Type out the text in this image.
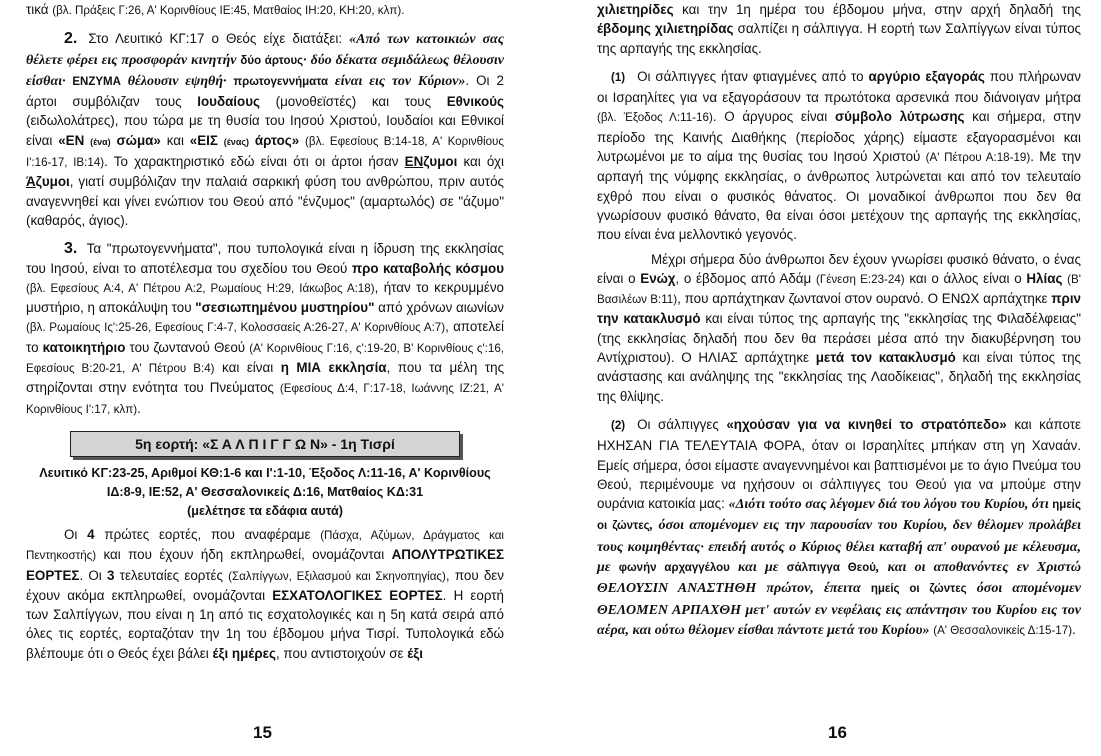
τικά (βλ. Πράξεις Γ:26, Α' Κορινθίους ΙΕ:45, Ματθαίος ΙΗ:20, ΚΗ:20, κλπ).

2. Στο Λευιτικό ΚΓ:17 ο Θεός είχε διατάξει: «Από των κατοικιών σας θέλετε φέρει εις προσφοράν κινητήν δύο άρτους· δύο δέκατα σεμιδάλεως θέλουσιν είσθαι· ΕΝΖΥΜΑ θέλουσιν εψηθή· πρωτογεννήματα είναι εις τον Κύριον». Οι 2 άρτοι συμβόλιζαν τους Ιουδαίους (μονοθεϊστές) και τους Εθνικούς (ειδωλολάτρες), που τώρα με τη θυσία του Ιησού Χριστού, Ιουδαίοι και Εθνικοί είναι «ΕΝ (ένα) σώμα» και «ΕΙΣ (ένας) άρτος» (βλ. Εφεσίους Β:14-18, Α' Κορινθίους Ι':16-17, ΙΒ:14). Το χαρακτηριστικό εδώ είναι ότι οι άρτοι ήσαν ΕΝζυμοι και όχι Άζυμοι, γιατί συμβόλιζαν την παλαιά σαρκική φύση του ανθρώπου, πριν αυτός αναγεννηθεί και γίνει ενώπιον του Θεού από "ένζυμος" (αμαρτωλός) σε "άζυμο" (καθαρός, άγιος).

3. Τα "πρωτογεννήματα", που τυπολογικά είναι η ίδρυση της εκκλησίας του Ιησού, είναι το αποτέλεσμα του σχεδίου του Θεού προ καταβολής κόσμου (βλ. Εφεσίους Α:4, Α' Πέτρου Α:2, Ρωμαίους Η:29, Ιάκωβος Α:18), ήταν το κεκρυμμένο μυστήριο, η αποκάλυψη του "σεσιωπημένου μυστηρίου" από χρόνων αιωνίων (βλ. Ρωμαίους Ις':25-26, Εφεσίους Γ:4-7, Κολοσσαείς Α:26-27, Α' Κορινθίους Α:7), αποτελεί το κατοικητήριο του ζωντανού Θεού (Α' Κορινθίους Γ:16, ς':19-20, Β' Κορινθίους ς':16, Εφεσίους Β:20-21, Α' Πέτρου Β:4) και είναι η ΜΙΑ εκκλησία, που τα μέλη της στηρίζονται στην ενότητα του Πνεύματος (Εφεσίους Δ:4, Γ:17-18, Ιωάννης ΙΖ:21, Α' Κορινθίους Ι':17, κλπ).

5η εορτή: «Σ Α Λ Π Ι Γ Γ Ω Ν» - 1η Τισρί
Λευιτικό ΚΓ:23-25, Αριθμοί ΚΘ:1-6 και Ι':1-10, Έξοδος Λ:11-16, Α' Κορινθίους ΙΔ:8-9, ΙΕ:52, Α' Θεσσαλονικείς Δ:16, Ματθαίος ΚΔ:31
(μελέτησε τα εδάφια αυτά)

Οι 4 πρώτες εορτές, που αναφέραμε (Πάσχα, Αζύμων, Δράγματος και Πεντηκοστής) και που έχουν ήδη εκπληρωθεί, ονομάζονται ΑΠΟΛΥΤΡΩΤΙΚΕΣ ΕΟΡΤΕΣ. Οι 3 τελευταίες εορτές (Σαλπίγγων, Εξιλασμού και Σκηνοπηγίας), που δεν έχουν ακόμα εκπληρωθεί, ονομάζονται ΕΣΧΑΤΟΛΟΓΙΚΕΣ ΕΟΡΤΕΣ. Η εορτή των Σαλπίγγων, που είναι η 1η από τις εσχατολογικές και η 5η κατά σειρά από όλες τις εορτές, εορταζόταν την 1η του έβδομου μήνα Τισρί. Τυπολογικά εδώ βλέπουμε ότι ο Θεός έχει βάλει έξι ημέρες, που αντιστοιχούν σε έξι

15

χιλιετηρίδες και την 1η ημέρα του έβδομου μήνα, στην αρχή δηλαδή της έβδομης χιλιετηρίδας σαλπίζει η σάλπιγγα. Η εορτή των Σαλπίγγων είναι τύπος της αρπαγής της εκκλησίας.

(1) Οι σάλπιγγες ήταν φτιαγμένες από το αργύριο εξαγοράς που πλήρωναν οι Ισραηλίτες για να εξαγοράσουν τα πρωτότοκα αρσενικά που διάνοιγαν μήτρα (βλ. Έξοδος Λ:11-16). Ο άργυρος είναι σύμβολο λύτρωσης και σήμερα, στην περίοδο της Καινής Διαθήκης (περίοδος χάρης) είμαστε εξαγορασμένοι και λυτρωμένοι με το αίμα της θυσίας του Ιησού Χριστού (Α' Πέτρου Α:18-19). Με την αρπαγή της νύμφης εκκλησίας, ο άνθρωπος λυτρώνεται και από τον τελευταίο εχθρό που είναι ο φυσικός θάνατος. Οι μοναδικοί άνθρωποι που δεν θα γνωρίσουν φυσικό θάνατο, θα είναι όσοι μετέχουν της αρπαγής της εκκλησίας, που είναι ένα μελλοντικό γεγονός.

Μέχρι σήμερα δύο άνθρωποι δεν έχουν γνωρίσει φυσικό θάνατο, ο ένας είναι ο Ενώχ, ο έβδομος από Αδάμ (Γένεση Ε:23-24) και ο άλλος είναι ο Ηλίας (Β' Βασιλέων Β:11), που αρπάχτηκαν ζωντανοί στον ουρανό. Ο ΕΝΩΧ αρπάχτηκε πριν την κατακλυσμό και είναι τύπος της αρπαγής της "εκκλησίας της Φιλαδέλφειας" (της εκκλησίας δηλαδή που δεν θα περάσει μέσα από την διακυβέρνηση του Αντίχριστου). Ο ΗΛΙΑΣ αρπάχτηκε μετά τον κατακλυσμό και είναι τύπος της ανάστασης και ανάληψης της "εκκλησίας της Λαοδίκειας", δηλαδή της εκκλησίας της θλίψης.

(2) Οι σάλπιγγες «ηχούσαν για να κινηθεί το στρατόπεδο» και κάποτε ΗΧΗΣΑΝ ΓΙΑ ΤΕΛΕΥΤΑΙΑ ΦΟΡΑ, όταν οι Ισραηλίτες μπήκαν στη γη Χαναάν. Εμείς σήμερα, όσοι είμαστε αναγεννημένοι και βαπτισμένοι με το άγιο Πνεύμα του Θεού, περιμένουμε να ηχήσουν οι σάλπιγγες του Θεού για να μπούμε στην ουράνια κατοικία μας: «Διότι τούτο σας λέγομεν διά του λόγου του Κυρίου, ότι ημείς οι ζώντες, όσοι απομένομεν εις την παρουσίαν του Κυρίου, δεν θέλομεν προλάβει τους κοιμηθέντας· επειδή αυτός ο Κύριος θέλει καταβή απ' ουρανού με κέλευσμα, με φωνήν αρχαγγέλου και με σάλπιγγα Θεού, και οι αποθανόντες εν Χριστώ ΘΕΛΟΥΣΙΝ ΑΝΑΣΤΗΘΗ πρώτον, έπειτα ημείς οι ζώντες όσοι απομένομεν ΘΕΛΟΜΕΝ ΑΡΠΑΧΘΗ μετ' αυτών εν νεφέλαις εις απάντησιν του Κυρίου εις τον αέρα, και ούτω θέλομεν είσθαι πάντοτε μετά του Κυρίου» (Α' Θεσσαλονικείς Δ:15-17).

16
